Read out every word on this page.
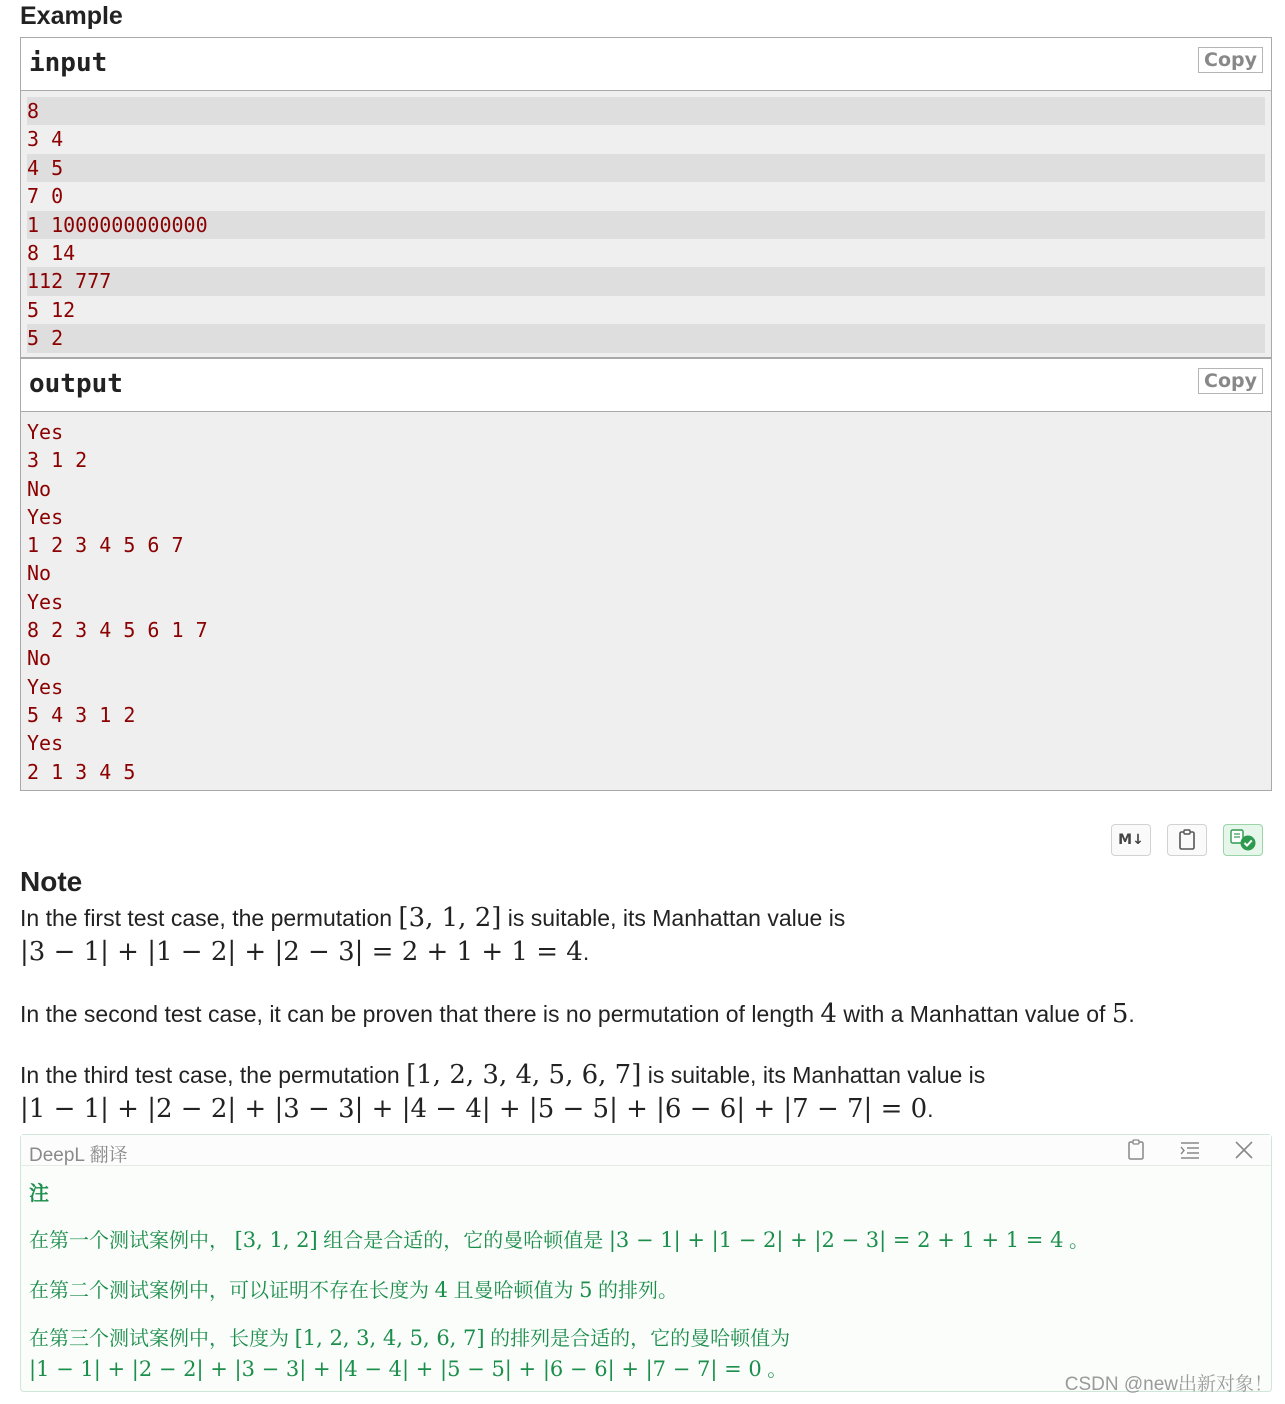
Example
input	Copy
8
3 4
4 5
7 0
1 1000000000000
8 14
112 777
5 12
5 2
output	Copy
Yes
3 1 2
No
Yes
1 2 3 4 5 6 7
No
Yes
8 2 3 4 5 6 1 7
No
Yes
5 4 3 1 2
Yes
2 1 3 4 5
M↓
Note
In the first test case, the permutation [3, 1, 2] is suitable, its Manhattan value is
|3 − 1| + |1 − 2| + |2 − 3| = 2 + 1 + 1 = 4.
In the second test case, it can be proven that there is no permutation of length 4 with a Manhattan value of 5.
In the third test case, the permutation [1, 2, 3, 4, 5, 6, 7] is suitable, its Manhattan value is
|1 − 1| + |2 − 2| + |3 − 3| + |4 − 4| + |5 − 5| + |6 − 6| + |7 − 7| = 0.
DeepL 翻译
注
在第一个测试案例中， [3, 1, 2] 组合是合适的，它的曼哈顿值是 |3 − 1| + |1 − 2| + |2 − 3| = 2 + 1 + 1 = 4 。
在第二个测试案例中，可以证明不存在长度为 4 且曼哈顿值为 5 的排列。
在第三个测试案例中，长度为 [1, 2, 3, 4, 5, 6, 7] 的排列是合适的，它的曼哈顿值为
|1 − 1| + |2 − 2| + |3 − 3| + |4 − 4| + |5 − 5| + |6 − 6| + |7 − 7| = 0 。
CSDN @new出新对象！
